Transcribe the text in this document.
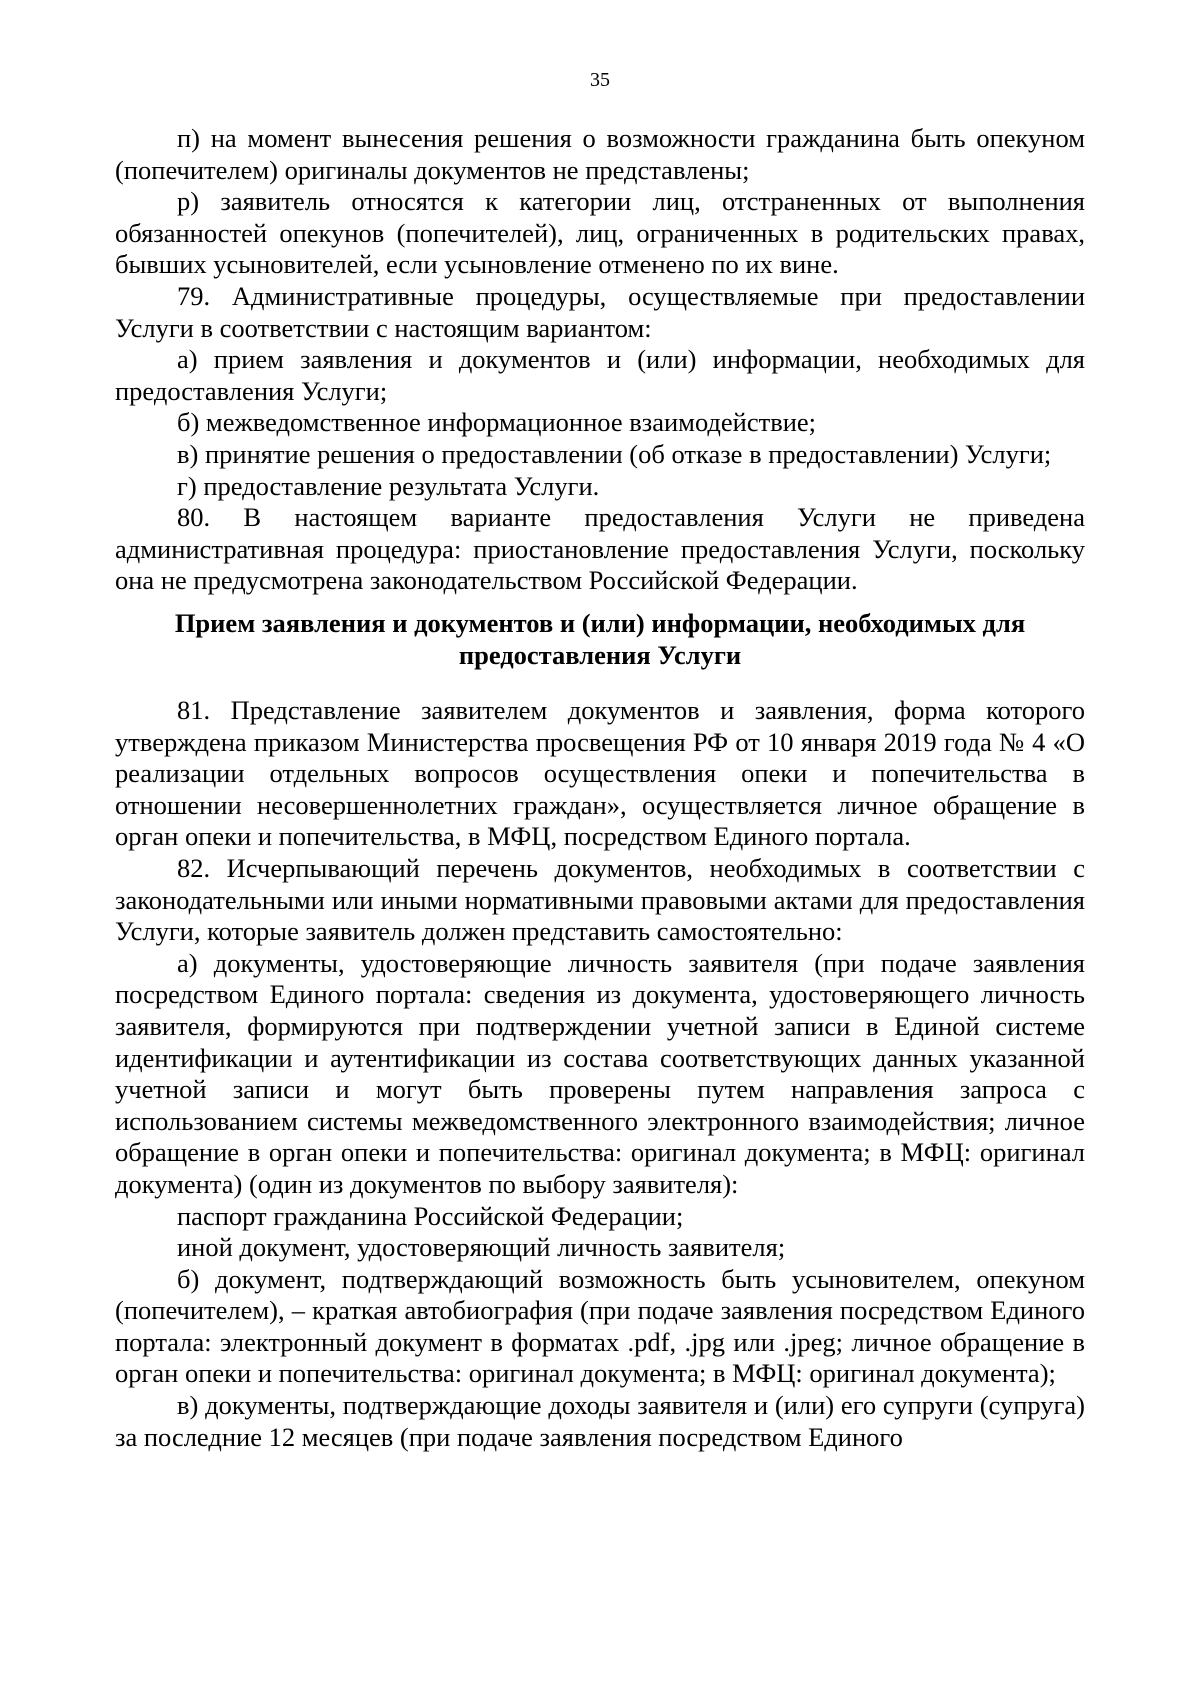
35

п) на момент вынесения решения о возможности гражданина быть опекуном (попечителем) оригиналы документов не представлены;

р) заявитель относятся к категории лиц, отстраненных от выполнения обязанностей опекунов (попечителей), лиц, ограниченных в родительских правах, бывших усыновителей, если усыновление отменено по их вине.

79. Административные процедуры, осуществляемые при предоставлении Услуги в соответствии с настоящим вариантом:

а) прием заявления и документов и (или) информации, необходимых для предоставления Услуги;

б) межведомственное информационное взаимодействие;

в) принятие решения о предоставлении (об отказе в предоставлении) Услуги;

г) предоставление результата Услуги.

80. В настоящем варианте предоставления Услуги не приведена административная процедура: приостановление предоставления Услуги, поскольку она не предусмотрена законодательством Российской Федерации.

Прием заявления и документов и (или) информации, необходимых для
предоставления Услуги

81. Представление заявителем документов и заявления, форма которого утверждена приказом Министерства просвещения РФ от 10 января 2019 года № 4 «О реализации отдельных вопросов осуществления опеки и попечительства в отношении несовершеннолетних граждан», осуществляется личное обращение в орган опеки и попечительства, в МФЦ, посредством Единого портала.

82. Исчерпывающий перечень документов, необходимых в соответствии с законодательными или иными нормативными правовыми актами для предоставления Услуги, которые заявитель должен представить самостоятельно:

а) документы, удостоверяющие личность заявителя (при подаче заявления посредством Единого портала: сведения из документа, удостоверяющего личность заявителя, формируются при подтверждении учетной записи в Единой системе идентификации и аутентификации из состава соответствующих данных указанной учетной записи и могут быть проверены путем направления запроса с использованием системы межведомственного электронного взаимодействия; личное обращение в орган опеки и попечительства: оригинал документа; в МФЦ: оригинал документа) (один из документов по выбору заявителя):

паспорт гражданина Российской Федерации;

иной документ, удостоверяющий личность заявителя;

б) документ, подтверждающий возможность быть усыновителем, опекуном (попечителем), – краткая автобиография (при подаче заявления посредством Единого портала: электронный документ в форматах .pdf, .jpg или .jpeg; личное обращение в орган опеки и попечительства: оригинал документа; в МФЦ: оригинал документа);

в) документы, подтверждающие доходы заявителя и (или) его супруги (супруга) за последние 12 месяцев (при подаче заявления посредством Единого
